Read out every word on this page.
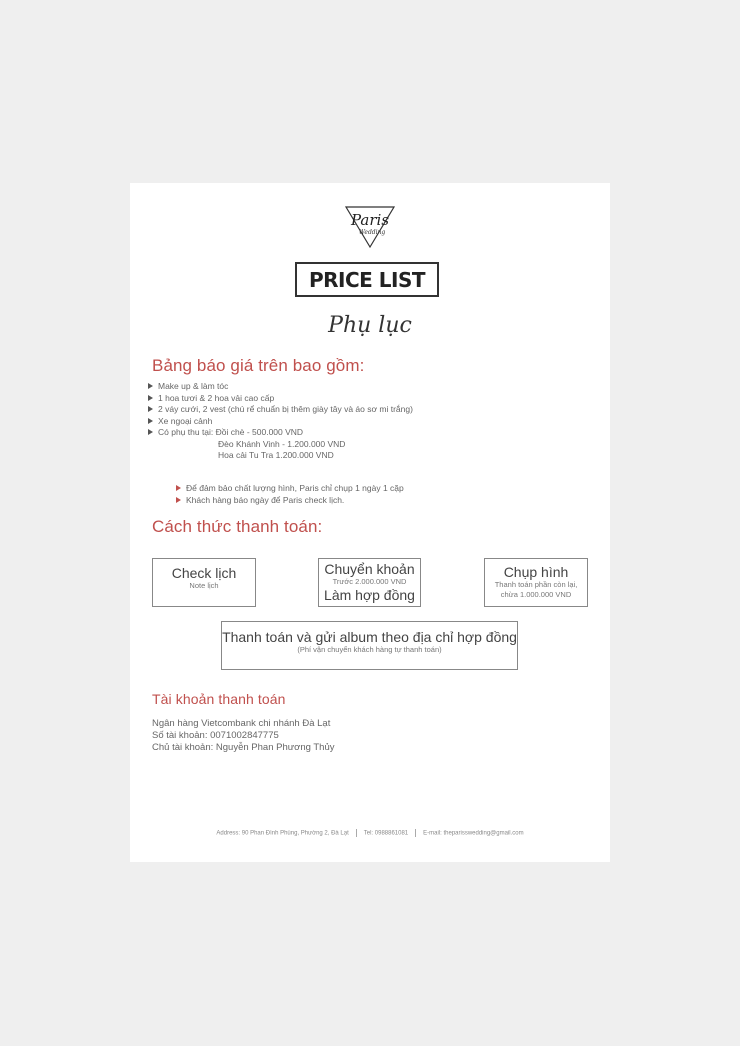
Paris
Wedding
PRICE LIST
Phụ lục
Bảng báo giá trên bao gồm:
Make up & làm tóc
1 hoa tươi & 2 hoa vải cao cấp
2 váy cưới, 2 vest (chú rể chuẩn bị thêm giày tây và áo sơ mi trắng)
Xe ngoại cảnh
Có phụ thu tại: Đồi chè - 500.000 VND
Đèo Khánh Vinh - 1.200.000 VND
Hoa cải Tu Tra 1.200.000 VND
Để đảm bảo chất lượng hình, Paris chỉ chụp 1 ngày 1 cặp
Khách hàng báo ngày để Paris check lịch.
Cách thức thanh toán:
Check lịch
Note lịch
Chuyển khoản
Trước 2.000.000 VND
Làm hợp đồng
Chụp hình
Thanh toán phần còn lại,
chừa 1.000.000 VND
Thanh toán và gửi album theo địa chỉ hợp đồng
(Phí vận chuyển khách hàng tự thanh toán)
Tài khoản thanh toán
Ngân hàng Vietcombank chi nhánh Đà Lạt
Số tài khoản: 0071002847775
Chủ tài khoản: Nguyễn Phan Phương Thủy
Address: 90 Phan Đình Phùng, Phường 2, Đà Lạt	Tel: 0988861081	E-mail: theparisswedding@gmail.com
